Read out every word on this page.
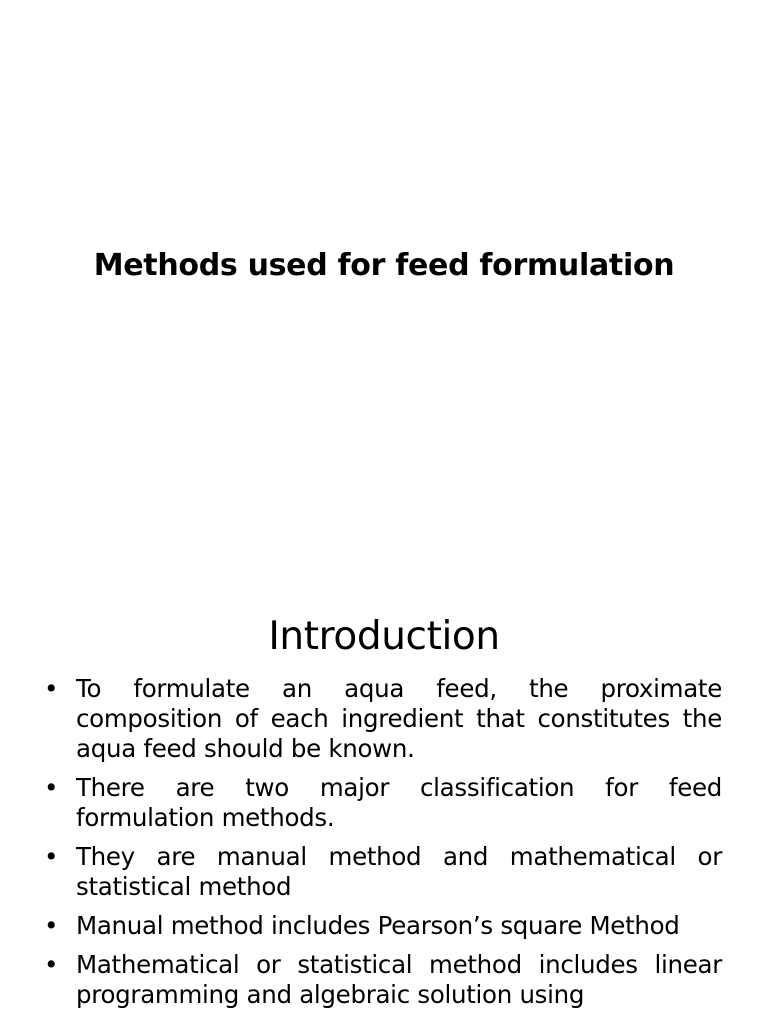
Methods used for feed formulation
Introduction
• To formulate an aqua feed, the proximate composition of each ingredient that constitutes the aqua feed should be known.
• There are two major classification for feed formulation methods.
• They are manual method and mathematical or statistical method
• Manual method includes Pearson’s square Method
• Mathematical or statistical method includes linear programming and algebraic solution using
